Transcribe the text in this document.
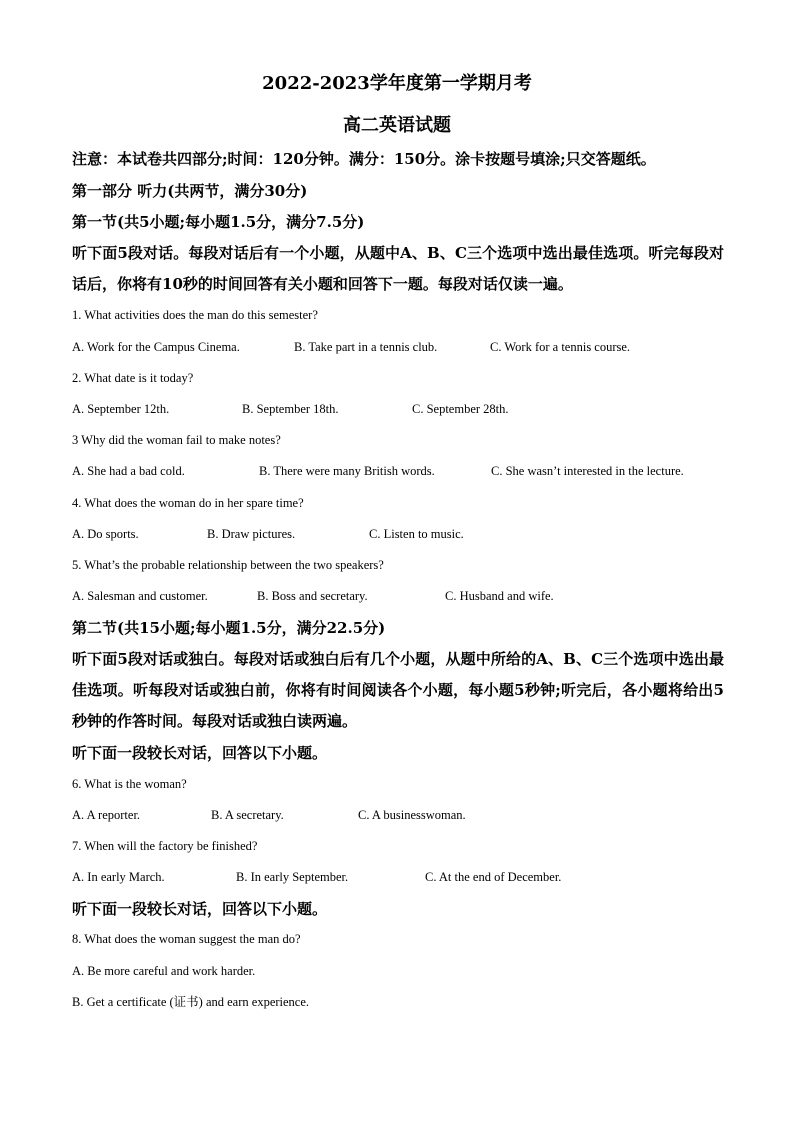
2022-2023学年度第一学期月考
高二英语试题
注意：本试卷共四部分;时间：120分钟。满分：150分。涂卡按题号填涂;只交答题纸。
第一部分 听力(共两节，满分30分)
第一节(共5小题;每小题1.5分，满分7.5分)
听下面5段对话。每段对话后有一个小题，从题中A、B、C三个选项中选出最佳选项。听完每段对话后，你将有10秒的时间回答有关小题和回答下一题。每段对话仅读一遍。
1. What activities does the man do this semester?
A. Work for the Campus Cinema.	B. Take part in a tennis club.	C. Work for a tennis course.
2. What date is it today?
A. September 12th.	B. September 18th.	C. September 28th.
3 Why did the woman fail to make notes?
A. She had a bad cold.	B. There were many British words.	C. She wasn’t interested in the lecture.
4. What does the woman do in her spare time?
A. Do sports.	B. Draw pictures.	C. Listen to music.
5. What’s the probable relationship between the two speakers?
A. Salesman and customer.	B. Boss and secretary.	C. Husband and wife.
第二节(共15小题;每小题1.5分，满分22.5分)
听下面5段对话或独白。每段对话或独白后有几个小题，从题中所给的A、B、C三个选项中选出最佳选项。听每段对话或独白前，你将有时间阅读各个小题，每小题5秒钟;听完后，各小题将给出5秒钟的作答时间。每段对话或独白读两遍。
听下面一段较长对话，回答以下小题。
6. What is the woman?
A. A reporter.	B. A secretary.	C. A businesswoman.
7. When will the factory be finished?
A. In early March.	B. In early September.	C. At the end of December.
听下面一段较长对话，回答以下小题。
8. What does the woman suggest the man do?
A. Be more careful and work harder.
B. Get a certificate (证书) and earn experience.
